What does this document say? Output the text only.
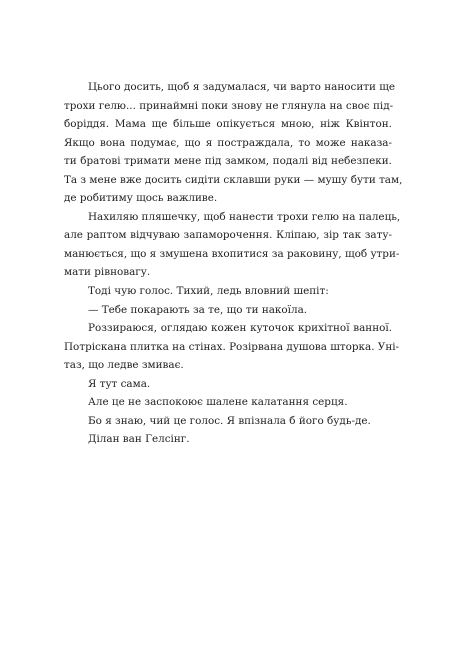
Цього досить, щоб я задумалася, чи варто наносити ще
трохи гелю... принаймні поки знову не глянула на своє під-
боріддя. Мама ще більше опікується мною, ніж Квінтон.
Якщо вона подумає, що я постраждала, то може наказа-
ти братові тримати мене під замком, подалі від небезпеки.
Та з мене вже досить сидіти склавши руки — мушу бути там,
де робитиму щось важливе.

Нахиляю пляшечку, щоб нанести трохи гелю на палець,
але раптом відчуваю запаморочення. Кліпаю, зір так зату-
манюється, що я змушена вхопитися за раковину, щоб утри-
мати рівновагу.

Тоді чую голос. Тихий, ледь вловний шепіт:

— Тебе покарають за те, що ти накоїла.

Роззираюся, оглядаю кожен куточок крихітної ванної.
Потріскана плитка на стінах. Розірвана душова шторка. Уні-
таз, що ледве змиває.

Я тут сама.

Але це не заспокоює шалене калатання серця.

Бо я знаю, чий це голос. Я впізнала б його будь-де.

Ділан ван Гелсінг.
